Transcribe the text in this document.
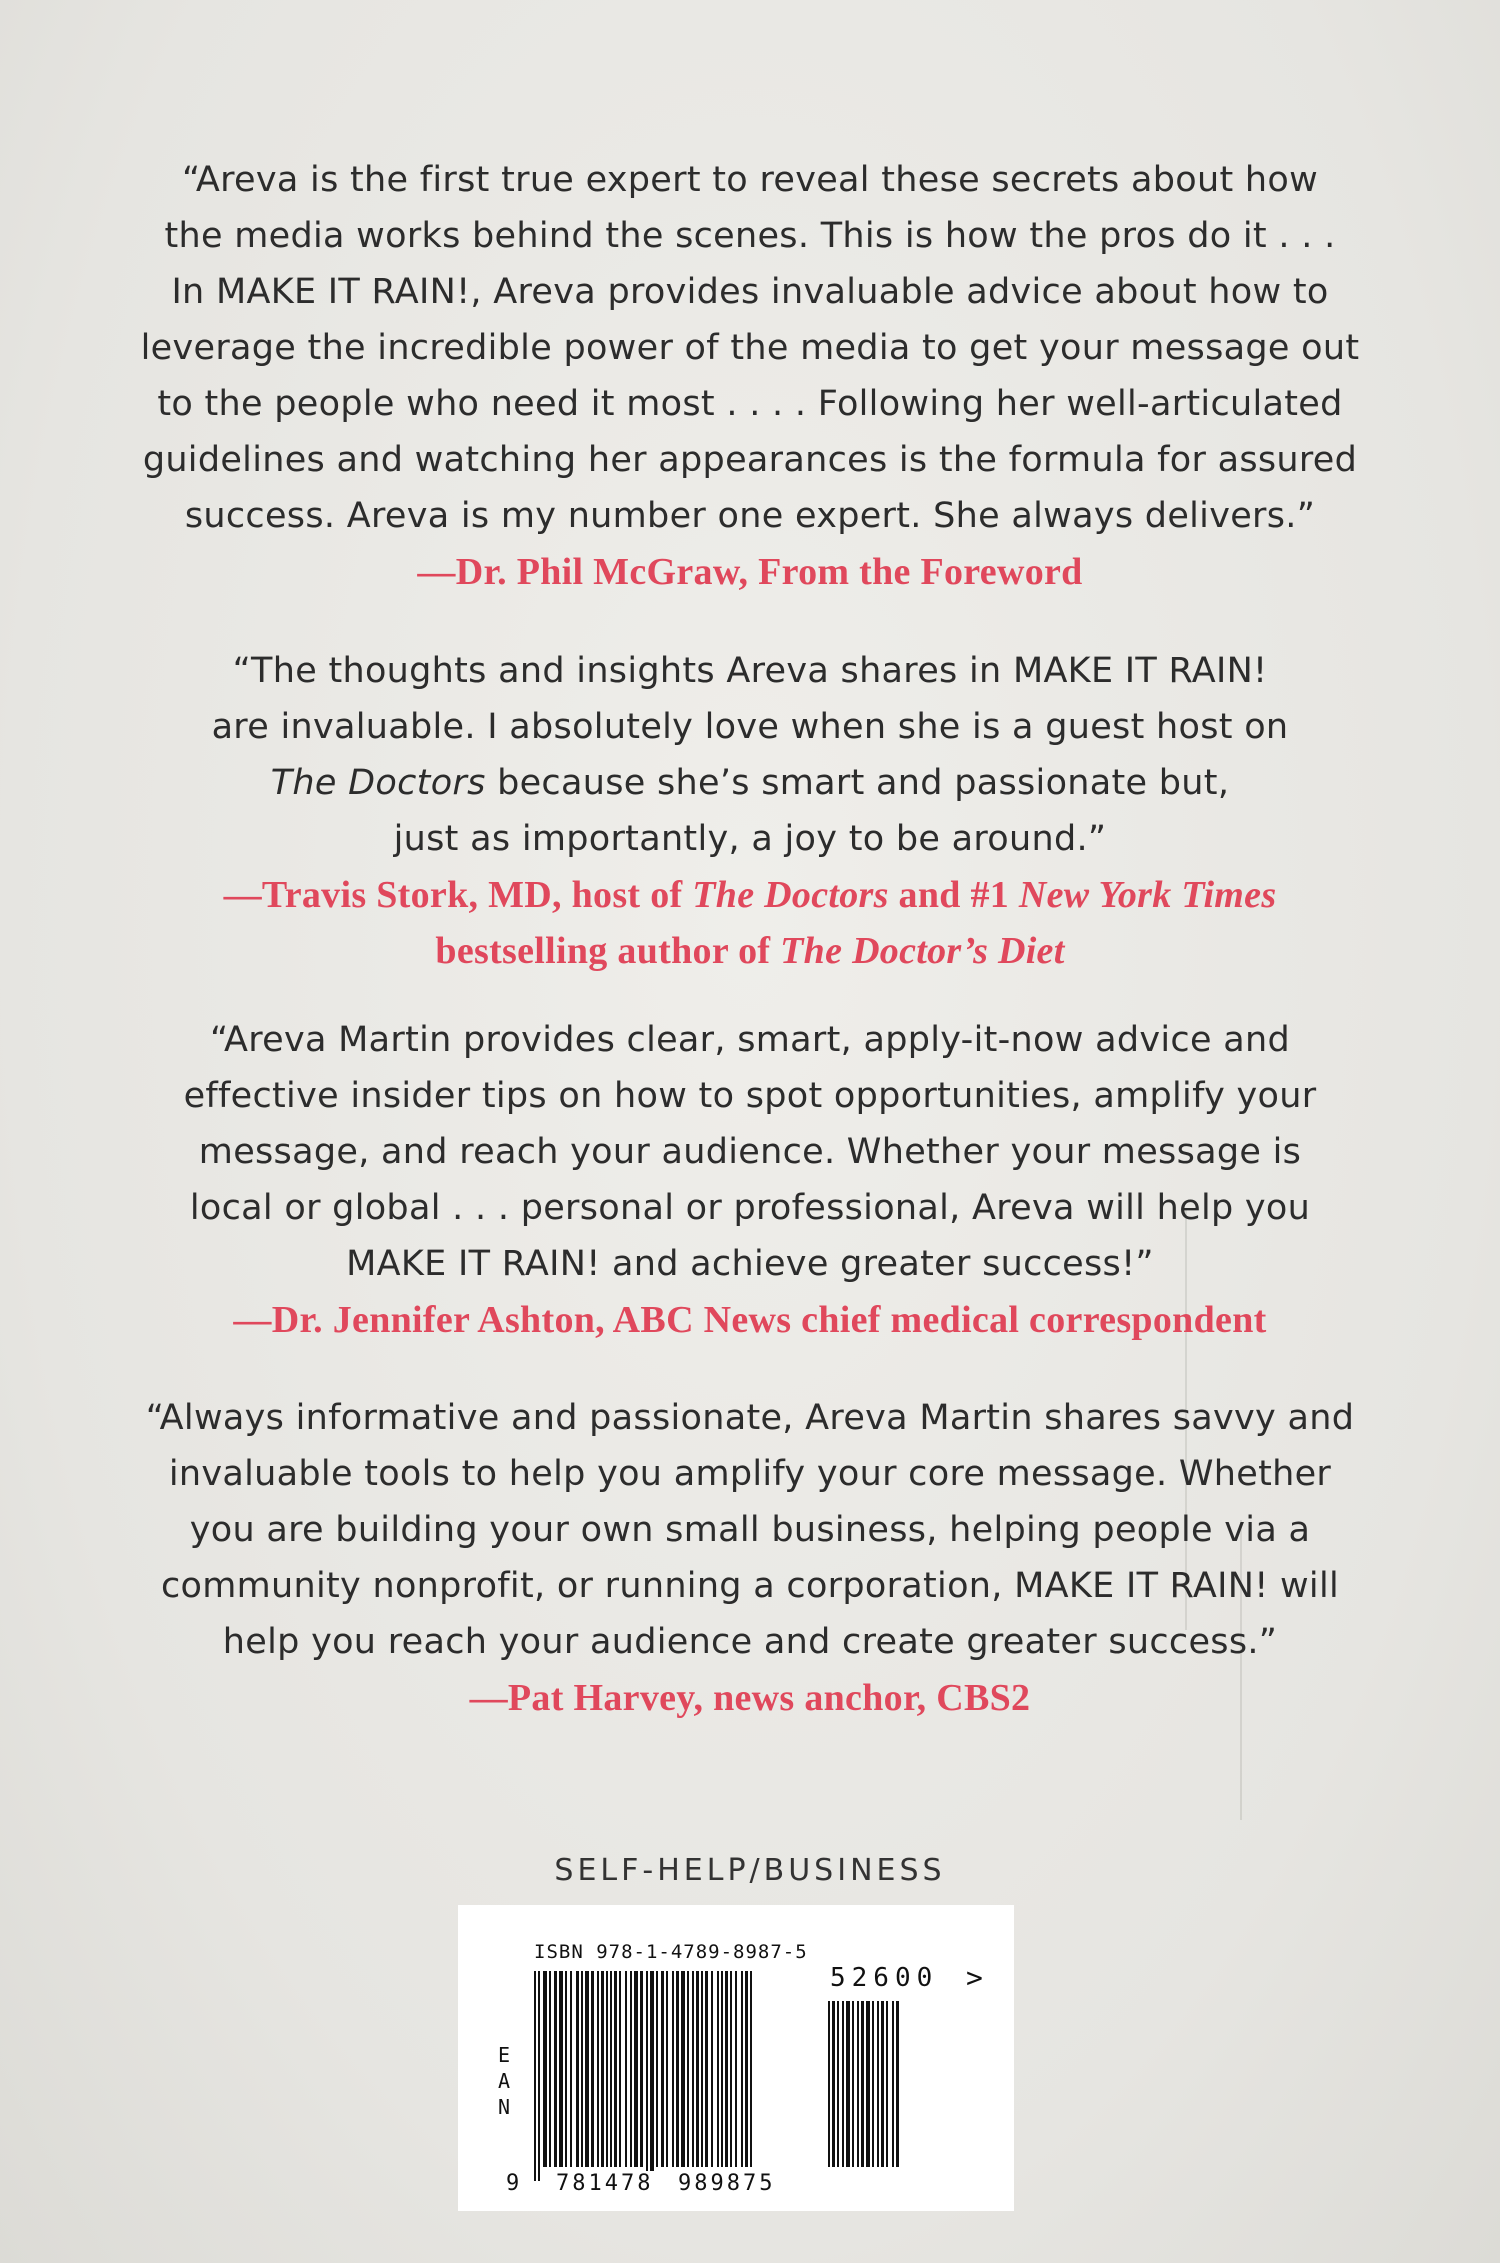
“Areva is the first true expert to reveal these secrets about how
the media works behind the scenes. This is how the pros do it . . .
In MAKE IT RAIN!, Areva provides invaluable advice about how to
leverage the incredible power of the media to get your message out
to the people who need it most . . . . Following her well-articulated
guidelines and watching her appearances is the formula for assured
success. Areva is my number one expert. She always delivers.”
—Dr. Phil McGraw, From the Foreword
“The thoughts and insights Areva shares in MAKE IT RAIN!
are invaluable. I absolutely love when she is a guest host on
The Doctors because she’s smart and passionate but,
just as importantly, a joy to be around.”
—Travis Stork, MD, host of The Doctors and #1 New York Times
bestselling author of The Doctor’s Diet
“Areva Martin provides clear, smart, apply-it-now advice and
effective insider tips on how to spot opportunities, amplify your
message, and reach your audience. Whether your message is
local or global . . . personal or professional, Areva will help you
MAKE IT RAIN! and achieve greater success!”
—Dr. Jennifer Ashton, ABC News chief medical correspondent
“Always informative and passionate, Areva Martin shares savvy and
invaluable tools to help you amplify your core message. Whether
you are building your own small business, helping people via a
community nonprofit, or running a corporation, MAKE IT RAIN! will
help you reach your audience and create greater success.”
—Pat Harvey, news anchor, CBS2
SELF-HELP/BUSINESS
ISBN 978-1-4789-8987-5
EAN
9 781478 989875
52600 >
